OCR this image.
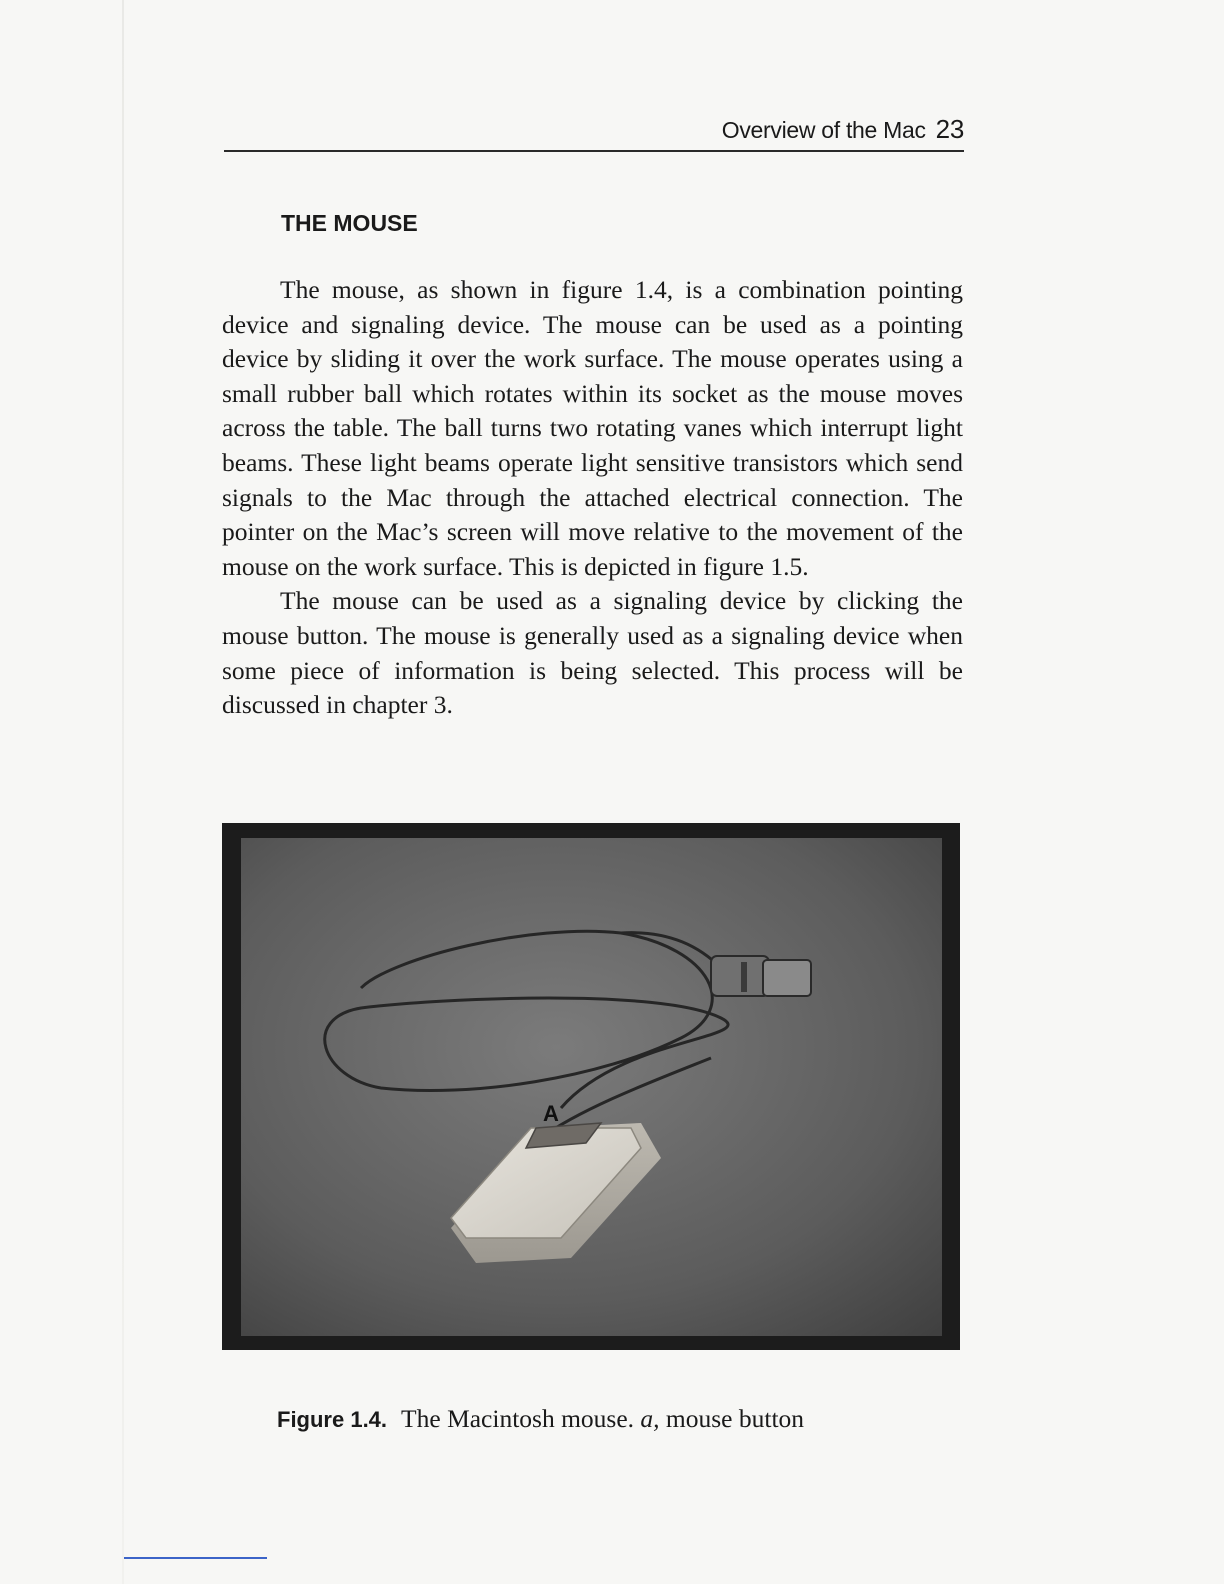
Overview of the Mac 23
THE MOUSE

The mouse, as shown in figure 1.4, is a combination pointing device and signaling device. The mouse can be used as a pointing device by sliding it over the work surface. The mouse operates using a small rubber ball which rotates within its socket as the mouse moves across the table. The ball turns two rotating vanes which interrupt light beams. These light beams operate light sensitive transistors which send signals to the Mac through the attached electrical connection. The pointer on the Mac’s screen will move relative to the movement of the mouse on the work surface. This is depicted in figure 1.5.

The mouse can be used as a signaling device by clicking the mouse button. The mouse is generally used as a signaling device when some piece of information is being selected. This process will be discussed in chapter 3.

A
Figure 1.4. The Macintosh mouse. a, mouse button
